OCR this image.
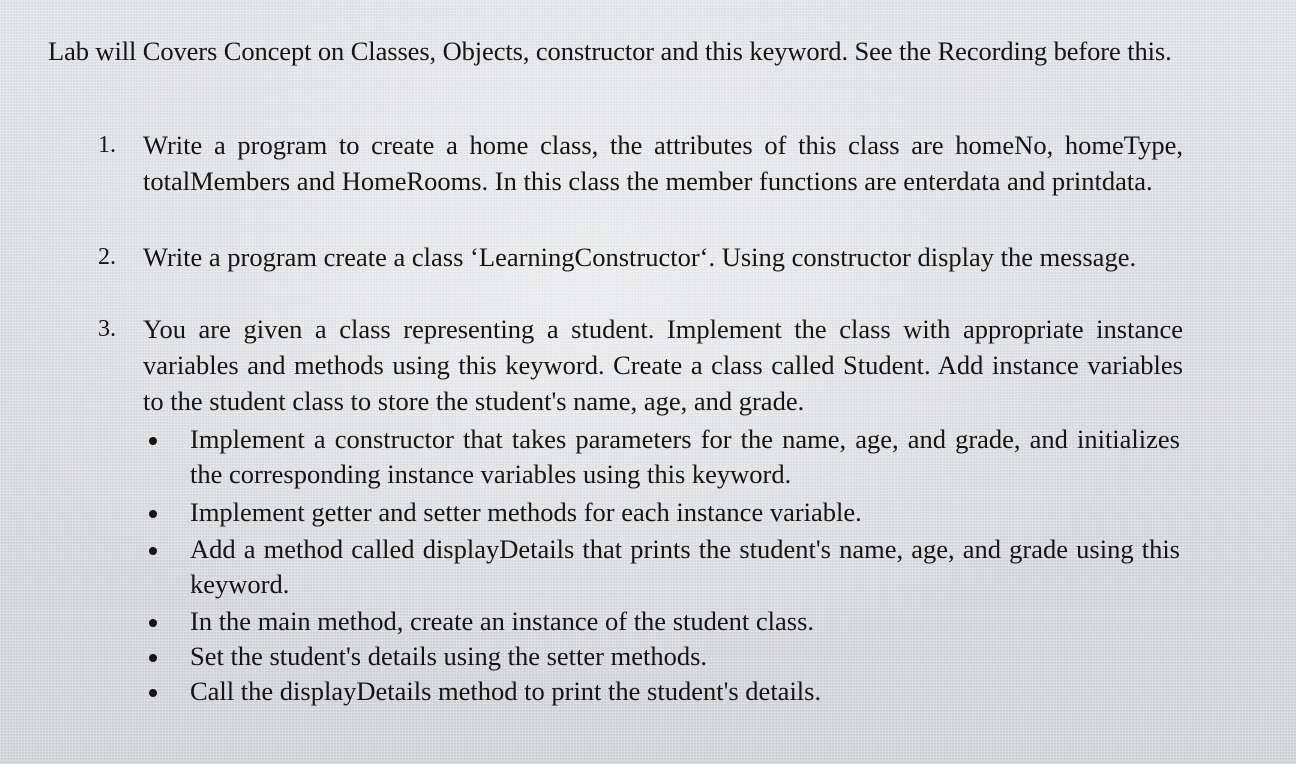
Lab will Covers Concept on Classes, Objects, constructor and this keyword. See the Recording before this.

1. Write a program to create a home class, the attributes of this class are homeNo, homeType, totalMembers and HomeRooms. In this class the member functions are enterdata and printdata.

2. Write a program create a class ‘LearningConstructor‘. Using constructor display the message.

3. You are given a class representing a student. Implement the class with appropriate instance variables and methods using this keyword. Create a class called Student. Add instance variables to the student class to store the student's name, age, and grade.

Implement a constructor that takes parameters for the name, age, and grade, and initializes the corresponding instance variables using this keyword.

Implement getter and setter methods for each instance variable.

Add a method called displayDetails that prints the student's name, age, and grade using this keyword.

In the main method, create an instance of the student class.

Set the student's details using the setter methods.

Call the displayDetails method to print the student's details.
